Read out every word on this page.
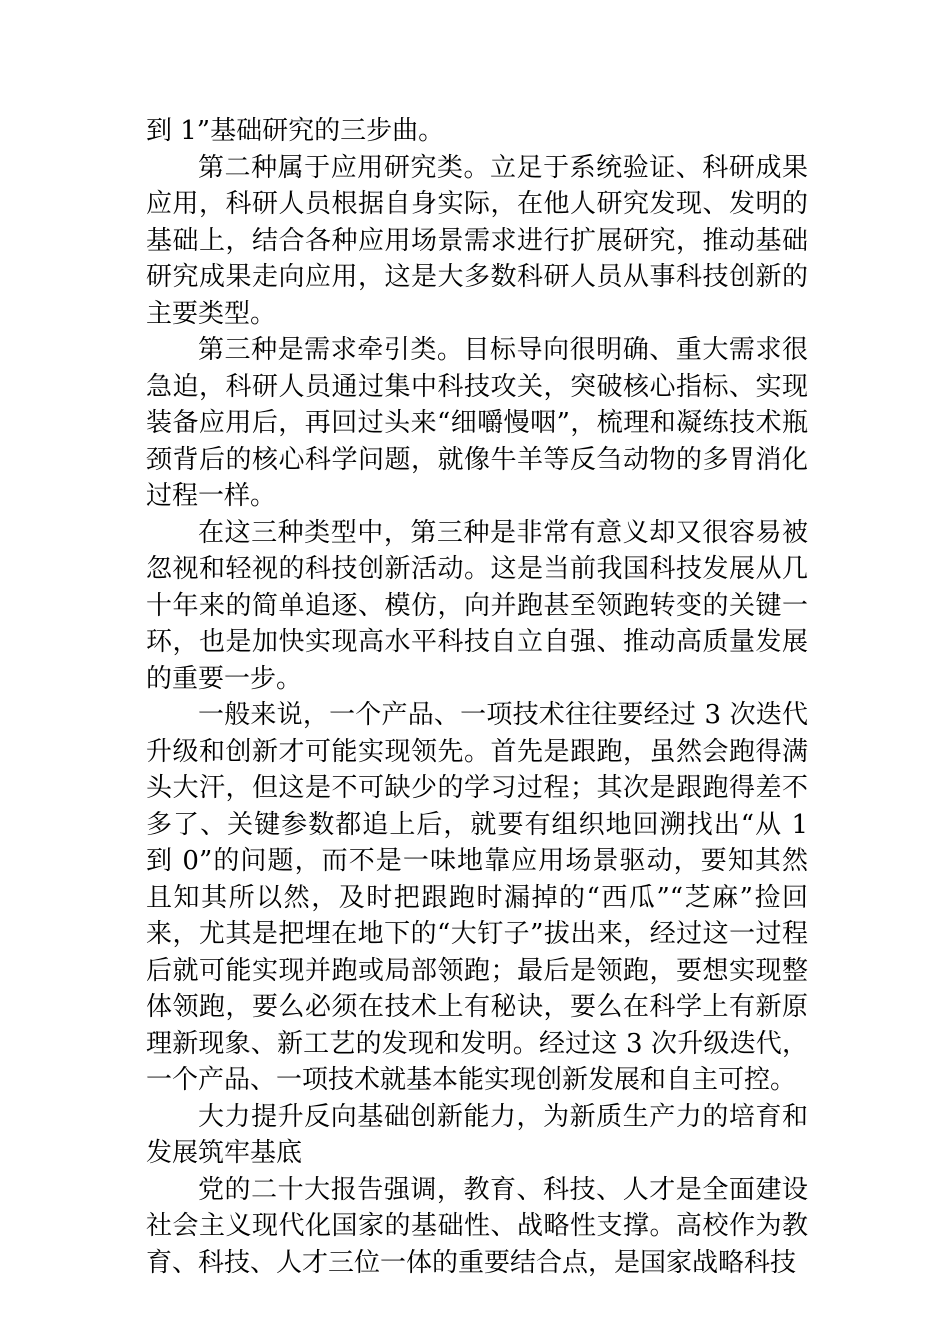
到 1”基础研究的三步曲。

第二种属于应用研究类。立足于系统验证、科研成果应用，科研人员根据自身实际，在他人研究发现、发明的基础上，结合各种应用场景需求进行扩展研究，推动基础研究成果走向应用，这是大多数科研人员从事科技创新的主要类型。

第三种是需求牵引类。目标导向很明确、重大需求很急迫，科研人员通过集中科技攻关，突破核心指标、实现装备应用后，再回过头来“细嚼慢咽”，梳理和凝练技术瓶颈背后的核心科学问题，就像牛羊等反刍动物的多胃消化过程一样。

在这三种类型中，第三种是非常有意义却又很容易被忽视和轻视的科技创新活动。这是当前我国科技发展从几十年来的简单追逐、模仿，向并跑甚至领跑转变的关键一环，也是加快实现高水平科技自立自强、推动高质量发展的重要一步。

一般来说，一个产品、一项技术往往要经过 3 次迭代升级和创新才可能实现领先。首先是跟跑，虽然会跑得满头大汗，但这是不可缺少的学习过程；其次是跟跑得差不多了、关键参数都追上后，就要有组织地回溯找出“从 1 到 0”的问题，而不是一味地靠应用场景驱动，要知其然且知其所以然，及时把跟跑时漏掉的“西瓜”“芝麻”捡回来，尤其是把埋在地下的“大钉子”拔出来，经过这一过程后就可能实现并跑或局部领跑；最后是领跑，要想实现整体领跑，要么必须在技术上有秘诀，要么在科学上有新原理新现象、新工艺的发现和发明。经过这 3 次升级迭代，一个产品、一项技术就基本能实现创新发展和自主可控。

大力提升反向基础创新能力，为新质生产力的培育和发展筑牢基底

党的二十大报告强调，教育、科技、人才是全面建设社会主义现代化国家的基础性、战略性支撑。高校作为教育、科技、人才三位一体的重要结合点，是国家战略科技
